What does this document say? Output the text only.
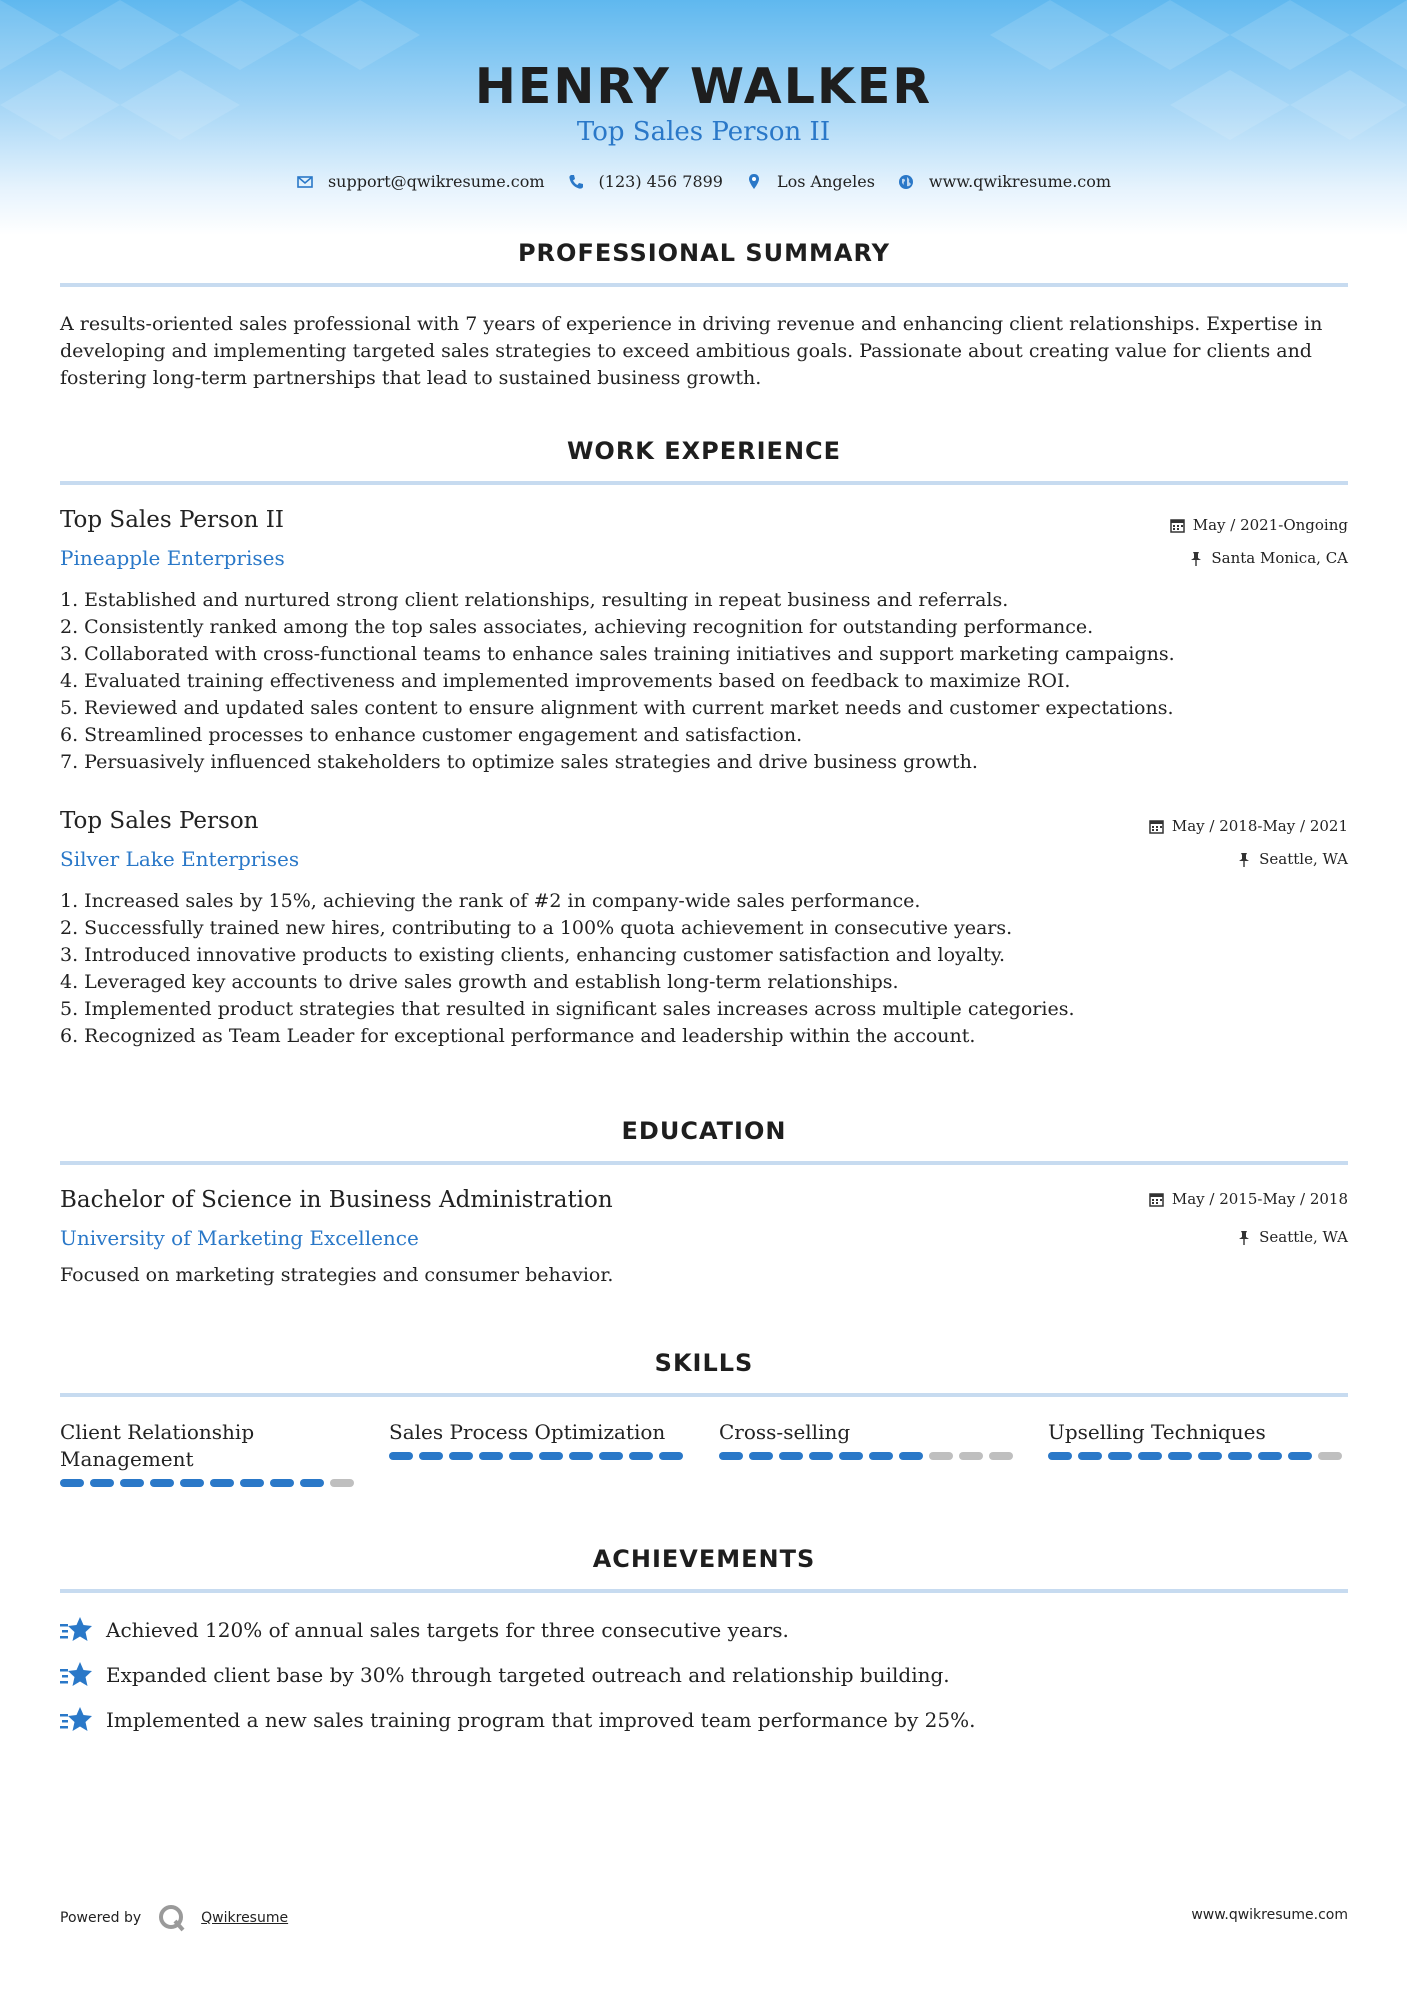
HENRY WALKER
Top Sales Person II
support@qwikresume.com	(123) 456 7899	Los Angeles	www.qwikresume.com
PROFESSIONAL SUMMARY
A results-oriented sales professional with 7 years of experience in driving revenue and enhancing client relationships. Expertise in developing and implementing targeted sales strategies to exceed ambitious goals. Passionate about creating value for clients and fostering long-term partnerships that lead to sustained business growth.
WORK EXPERIENCE
Top Sales Person II
Pineapple Enterprises
May / 2021-Ongoing
Santa Monica, CA
1. Established and nurtured strong client relationships, resulting in repeat business and referrals.
2. Consistently ranked among the top sales associates, achieving recognition for outstanding performance.
3. Collaborated with cross-functional teams to enhance sales training initiatives and support marketing campaigns.
4. Evaluated training effectiveness and implemented improvements based on feedback to maximize ROI.
5. Reviewed and updated sales content to ensure alignment with current market needs and customer expectations.
6. Streamlined processes to enhance customer engagement and satisfaction.
7. Persuasively influenced stakeholders to optimize sales strategies and drive business growth.
Top Sales Person
Silver Lake Enterprises
May / 2018-May / 2021
Seattle, WA
1. Increased sales by 15%, achieving the rank of #2 in company-wide sales performance.
2. Successfully trained new hires, contributing to a 100% quota achievement in consecutive years.
3. Introduced innovative products to existing clients, enhancing customer satisfaction and loyalty.
4. Leveraged key accounts to drive sales growth and establish long-term relationships.
5. Implemented product strategies that resulted in significant sales increases across multiple categories.
6. Recognized as Team Leader for exceptional performance and leadership within the account.
EDUCATION
Bachelor of Science in Business Administration
University of Marketing Excellence
May / 2015-May / 2018
Seattle, WA
Focused on marketing strategies and consumer behavior.
SKILLS
Client Relationship Management
Sales Process Optimization	Cross-selling	Upselling Techniques
ACHIEVEMENTS
Achieved 120% of annual sales targets for three consecutive years.
Expanded client base by 30% through targeted outreach and relationship building.
Implemented a new sales training program that improved team performance by 25%.
Powered by	Qwikresume	www.qwikresume.com
